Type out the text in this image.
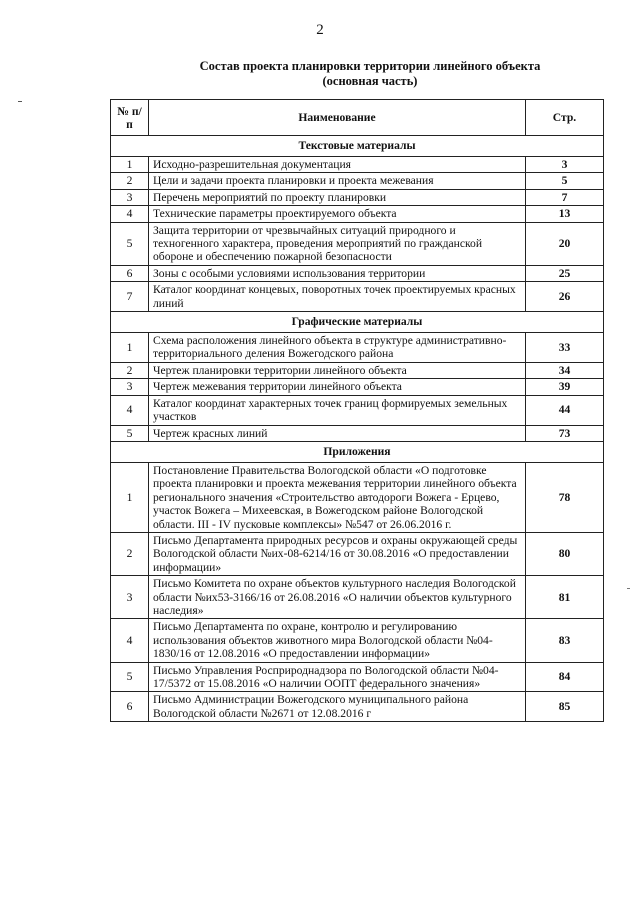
2
Состав проекта планировки территории линейного объекта
(основная часть)
№ п/п	Наименование	Стр.
Текстовые материалы		
1	Исходно-разрешительная документация	3
2	Цели и задачи проекта планировки и проекта межевания	5
3	Перечень мероприятий по проекту планировки	7
4	Технические параметры проектируемого объекта	13
5	Защита территории от чрезвычайных ситуаций природного и техногенного характера, проведения мероприятий по гражданской обороне и обеспечению пожарной безопасности	20
6	Зоны с особыми условиями использования территории	25
7	Каталог координат концевых, поворотных точек проектируемых красных линий	26
Графические материалы		
1	Схема расположения линейного объекта в структуре административно-территориального деления Вожегодского района	33
2	Чертеж планировки территории линейного объекта	34
3	Чертеж межевания территории линейного объекта	39
4	Каталог координат характерных точек границ формируемых земельных участков	44
5	Чертеж красных линий	73
Приложения		
1	Постановление Правительства Вологодской области «О подготовке проекта планировки и проекта межевания территории линейного объекта регионального значения «Строительство автодороги Вожега - Ерцево, участок Вожега – Михеевская, в Вожегодском районе Вологодской области. III - IV пусковые комплексы» №547 от 26.06.2016 г.	78
2	Письмо Департамента природных ресурсов и охраны окружающей среды Вологодской области №их-08-6214/16 от 30.08.2016 «О предоставлении информации»	80
3	Письмо Комитета по охране объектов культурного наследия Вологодской области №их53-3166/16 от 26.08.2016 «О наличии объектов культурного наследия»	81
4	Письмо Департамента по охране, контролю и регулированию использования объектов животного мира Вологодской области №04-1830/16 от 12.08.2016 «О предоставлении информации»	83
5	Письмо Управления Росприроднадзора по Вологодской области №04-17/5372 от 15.08.2016 «О наличии ООПТ федерального значения»	84
6	Письмо Администрации Вожегодского муниципального района Вологодской области №2671 от 12.08.2016 г	85
